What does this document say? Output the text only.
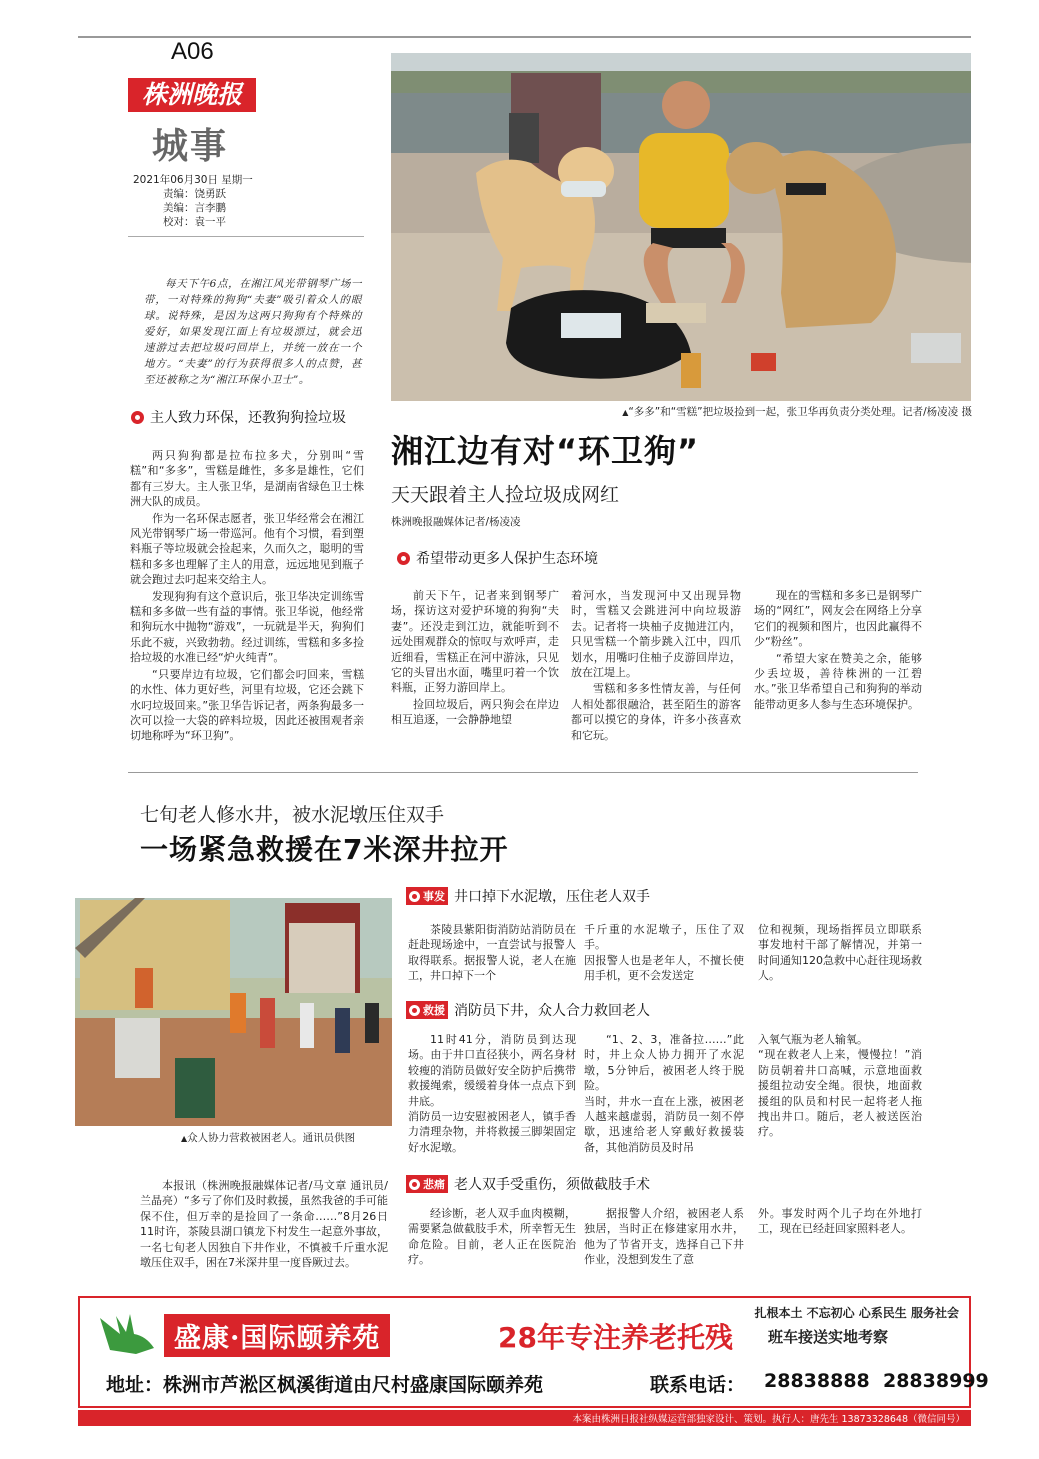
A06
株洲晚报
城事
2021年06月30日 星期一
责编：饶勇跃
美编：言李鹏
校对：袁一平

每天下午6点，在湘江风光带钢琴广场一带，一对特殊的狗狗“夫妻”吸引着众人的眼球。说特殊，是因为这两只狗狗有个特殊的爱好，如果发现江面上有垃圾漂过，就会迅速游过去把垃圾叼回岸上，并统一放在一个地方。“夫妻”的行为获得很多人的点赞，甚至还被称之为“湘江环保小卫士”。

▲“多多”和“雪糕”把垃圾捡到一起，张卫华再负责分类处理。记者/杨凌凌 摄
主人致力环保，还教狗狗捡垃圾

两只狗狗都是拉布拉多犬，分别叫“雪糕”和“多多”，雪糕是雌性，多多是雄性，它们都有三岁大。主人张卫华，是湖南省绿色卫士株洲大队的成员。

作为一名环保志愿者，张卫华经常会在湘江风光带钢琴广场一带巡河。他有个习惯，看到塑料瓶子等垃圾就会捡起来，久而久之，聪明的雪糕和多多也理解了主人的用意，远远地见到瓶子就会跑过去叼起来交给主人。

发现狗狗有这个意识后，张卫华决定训练雪糕和多多做一些有益的事情。张卫华说，他经常和狗玩水中抛物“游戏”，一玩就是半天，狗狗们乐此不疲，兴致勃勃。经过训练，雪糕和多多捡拾垃圾的水准已经“炉火纯青”。

“只要岸边有垃圾，它们都会叼回来，雪糕的水性、体力更好些，河里有垃圾，它还会跳下水叼垃圾回来。”张卫华告诉记者，两条狗最多一次可以捡一大袋的碎料垃圾，因此还被围观者亲切地称呼为“环卫狗”。

湘江边有对“环卫狗”
天天跟着主人捡垃圾成网红
株洲晚报融媒体记者/杨凌凌
希望带动更多人保护生态环境

前天下午，记者来到钢琴广场，探访这对爱护环境的狗狗“夫妻”。还没走到江边，就能听到不远处围观群众的惊叹与欢呼声，走近细看，雪糕正在河中游泳，只见它的头冒出水面，嘴里叼着一个饮料瓶，正努力游回岸上。

捡回垃圾后，两只狗会在岸边相互追逐，一会静静地望

着河水，当发现河中又出现异物时，雪糕又会跳进河中向垃圾游去。记者将一块柚子皮抛进江内，只见雪糕一个箭步跳入江中，四爪划水，用嘴叼住柚子皮游回岸边，放在江堤上。

雪糕和多多性情友善，与任何人相处都很融洽，甚至陌生的游客都可以摸它的身体，许多小孩喜欢和它玩。

现在的雪糕和多多已是钢琴广场的“网红”，网友会在网络上分享它们的视频和图片，也因此赢得不少“粉丝”。

“希望大家在赞美之余，能够少丢垃圾，善待株洲的一江碧水。”张卫华希望自己和狗狗的举动能带动更多人参与生态环境保护。

七旬老人修水井，被水泥墩压住双手
一场紧急救援在7米深井拉开
▲众人协力营救被困老人。通讯员供图

本报讯（株洲晚报融媒体记者/马文章 通讯员/兰晶亮）“多亏了你们及时救援，虽然我爸的手可能保不住，但万幸的是捡回了一条命……”8月26日11时许，茶陵县湖口镇龙下村发生一起意外事故，一名七旬老人因独自下井作业，不慎被千斤重水泥墩压住双手，困在7米深井里一度昏厥过去。

事发 井口掉下水泥墩，压住老人双手

茶陵县紫阳街消防站消防员在赶赴现场途中，一直尝试与报警人取得联系。据报警人说，老人在施工，井口掉下一个

千斤重的水泥墩子，压住了双手。
因报警人也是老年人，不擅长使用手机，更不会发送定

位和视频，现场指挥员立即联系事发地村干部了解情况，并第一时间通知120急救中心赶往现场救人。

救援 消防员下井，众人合力救回老人

11时41分，消防员到达现场。由于井口直径狭小，两名身材较瘦的消防员做好安全防护后携带救援绳索，缓缓着身体一点点下到井底。
消防员一边安慰被困老人，镇手香力清理杂物，并将救援三脚架固定好水泥墩。

“1、2、3，准备拉……”此时，井上众人协力拥开了水泥墩，5分钟后，被困老人终于脱险。
当时，井水一直在上涨，被困老人越来越虚弱，消防员一刻不停歇，迅速给老人穿戴好救援装备，其他消防员及时吊

入氧气瓶为老人输氧。
“现在救老人上来，慢慢拉！”消防员朝着井口高喊，示意地面救援组拉动安全绳。很快，地面救援组的队员和村民一起将老人拖拽出井口。随后，老人被送医治疗。

悲痛 老人双手受重伤，须做截肢手术

经诊断，老人双手血肉模糊，需要紧急做截肢手术，所幸暂无生命危险。目前，老人正在医院治疗。

据报警人介绍，被困老人系独居，当时正在修建家用水井，他为了节省开支，选择自己下井作业，没想到发生了意

外。事发时两个儿子均在外地打工，现在已经赶回家照料老人。

扎根本土 不忘初心 心系民生 服务社会
盛康·国际颐养苑	28年专注养老托残 班车接送实地考察
地址：株洲市芦淞区枫溪街道由尺村盛康国际颐养苑	联系电话： 28838888  28838999
本案由株洲日报社纵媒运营部独家设计、策划。执行人：唐先生 13873328648（微信同号）
